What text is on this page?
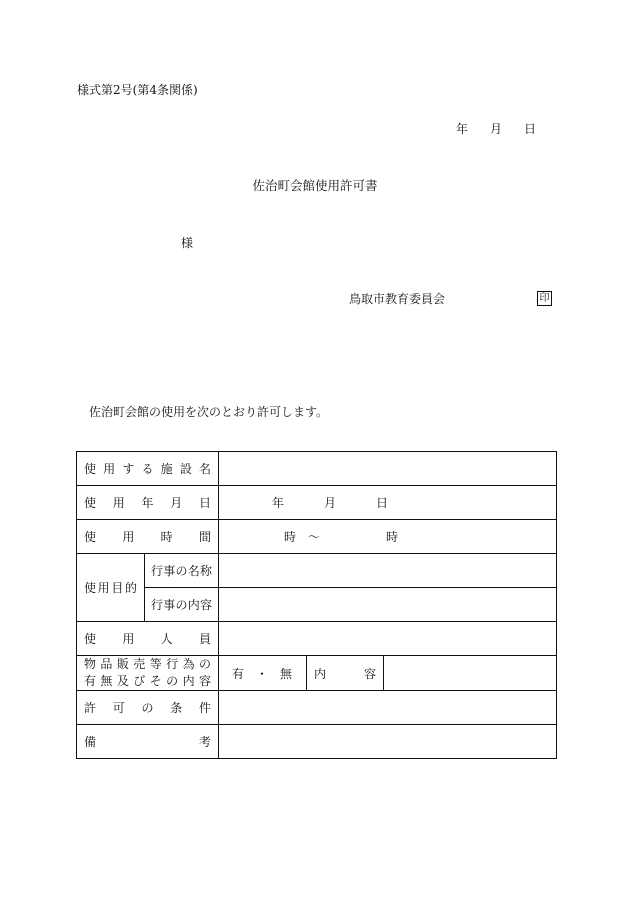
様式第2号(第4条関係)
年 月 日
佐治町会館使用許可書
様
鳥取市教育委員会	印
佐治町会館の使用を次のとおり許可します。
使用する施設名				
使用年月日		年 月 日		
使用時間		時 〜 時		
使用目的	行事の名称			
	行事の内容			
使用人員				

物品販売等行為の
有無及びその内容		有 ・ 無	内容	
許可の条件				
備考				
